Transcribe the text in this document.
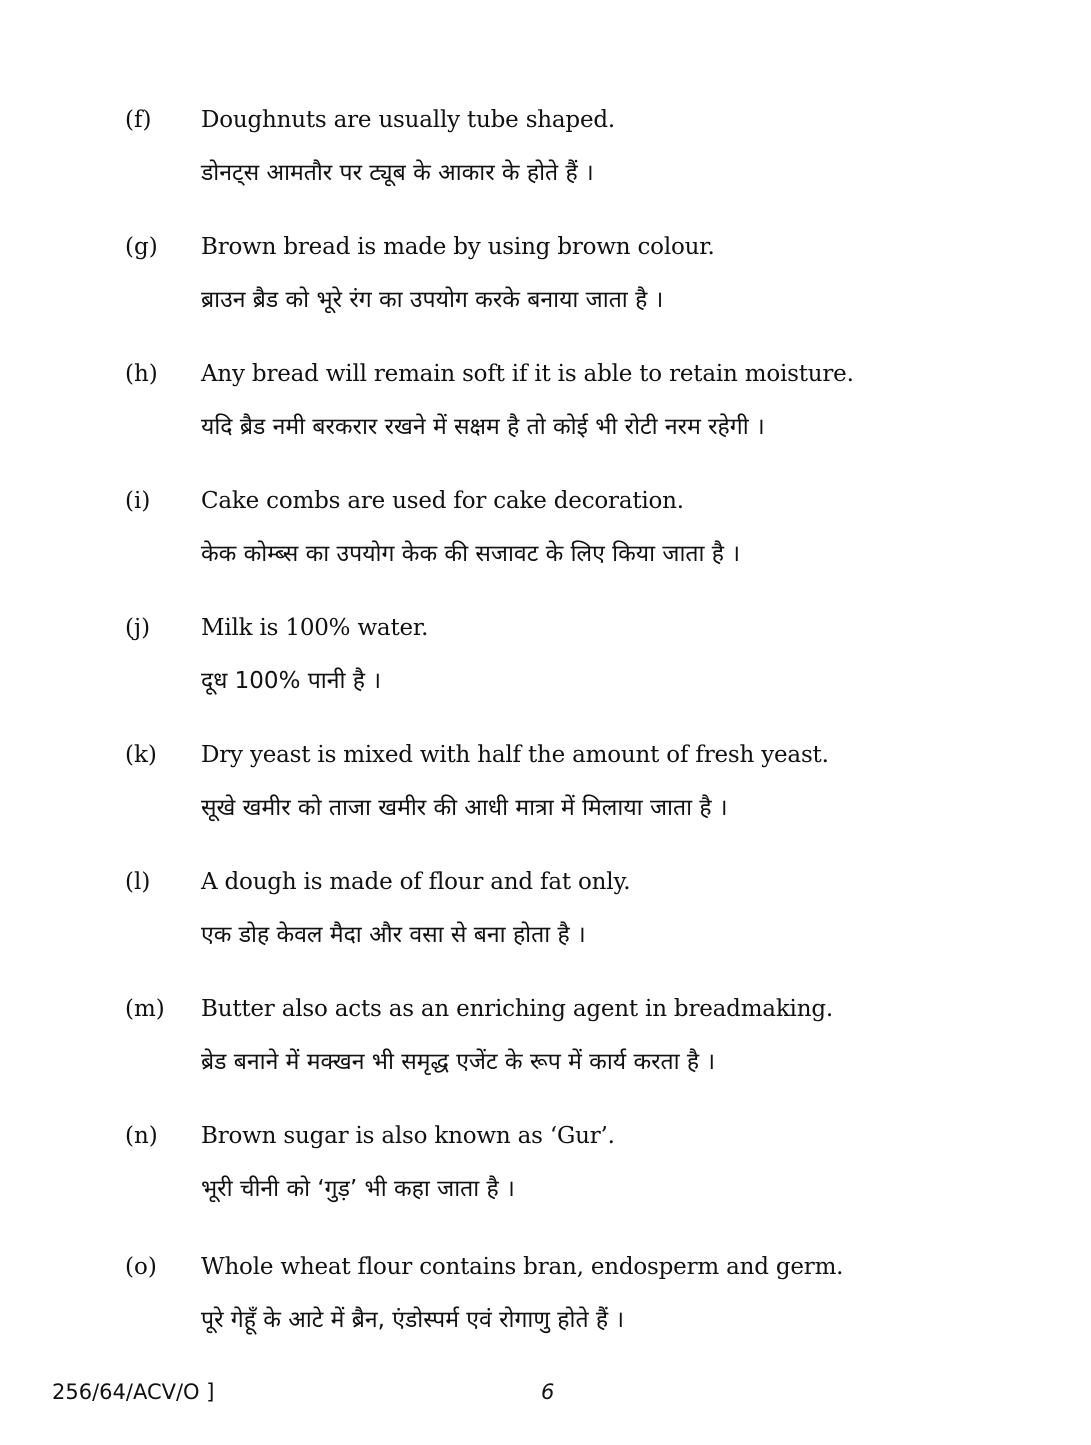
(f) Doughnuts are usually tube shaped.
डोनट्स आमतौर पर ट्यूब के आकार के होते हैं ।
(g) Brown bread is made by using brown colour.
ब्राउन ब्रैड को भूरे रंग का उपयोग करके बनाया जाता है ।
(h) Any bread will remain soft if it is able to retain moisture.
यदि ब्रैड नमी बरकरार रखने में सक्षम है तो कोई भी रोटी नरम रहेगी ।
(i) Cake combs are used for cake decoration.
केक कोम्ब्स का उपयोग केक की सजावट के लिए किया जाता है ।
(j) Milk is 100% water.
दूध 100% पानी है ।
(k) Dry yeast is mixed with half the amount of fresh yeast.
सूखे खमीर को ताजा खमीर की आधी मात्रा में मिलाया जाता है ।
(l) A dough is made of flour and fat only.
एक डोह केवल मैदा और वसा से बना होता है ।
(m) Butter also acts as an enriching agent in breadmaking.
ब्रेड बनाने में मक्खन भी समृद्ध एजेंट के रूप में कार्य करता है ।
(n) Brown sugar is also known as ‘Gur’.
भूरी चीनी को ‘गुड़’ भी कहा जाता है ।
(o) Whole wheat flour contains bran, endosperm and germ.
पूरे गेहूँ के आटे में ब्रैन, एंडोस्पर्म एवं रोगाणु होते हैं ।
256/64/ACV/O ]	6
